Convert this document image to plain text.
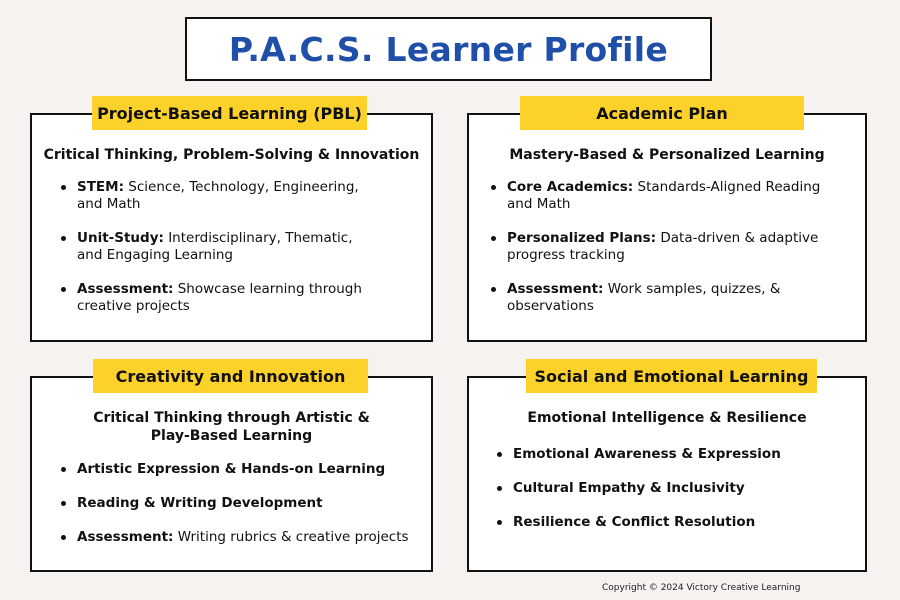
P.A.C.S. Learner Profile
Critical Thinking, Problem-Solving & Innovation
STEM: Science, Technology, Engineering, and Math
Unit-Study: Interdisciplinary, Thematic, and Engaging Learning
Assessment: Showcase learning through creative projects
Project-Based Learning (PBL)
Mastery-Based & Personalized Learning
Core Academics: Standards-Aligned Reading and Math
Personalized Plans: Data-driven & adaptive progress tracking
Assessment: Work samples, quizzes, & observations
Academic Plan
Critical Thinking through Artistic & Play-Based Learning
Artistic Expression & Hands-on Learning
Reading & Writing Development
Assessment: Writing rubrics & creative projects
Creativity and Innovation
Emotional Intelligence & Resilience
Emotional Awareness & Expression
Cultural Empathy & Inclusivity
Resilience & Conflict Resolution
Social and Emotional Learning
Copyright © 2024 Victory Creative Learning
